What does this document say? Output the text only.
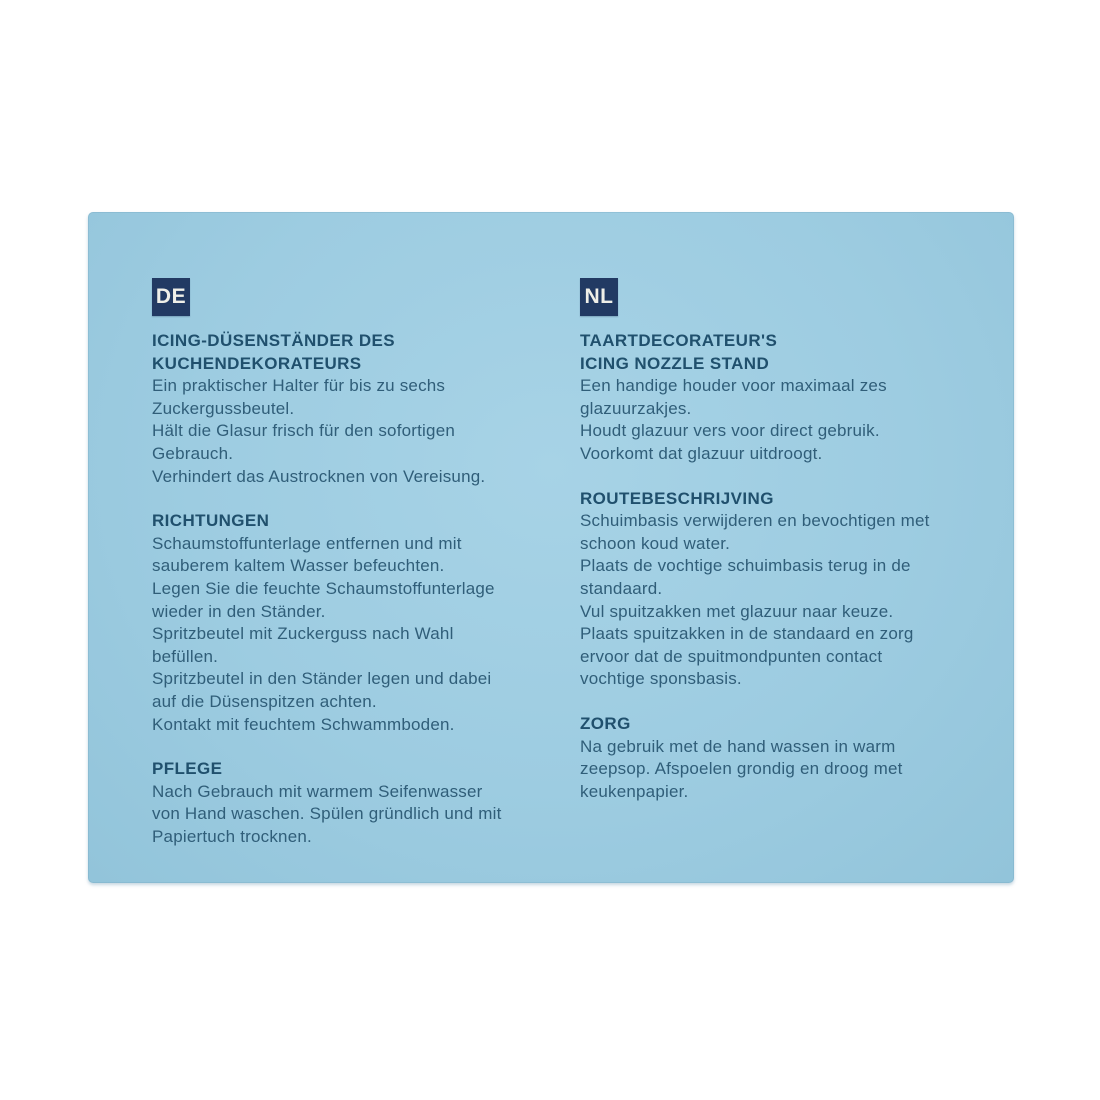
DE
ICING-DÜSENSTÄNDER DES
KUCHENDEKORATEURS
Ein praktischer Halter für bis zu sechs
Zuckergussbeutel.
Hält die Glasur frisch für den sofortigen
Gebrauch.
Verhindert das Austrocknen von Vereisung.
RICHTUNGEN
Schaumstoffunterlage entfernen und mit
sauberem kaltem Wasser befeuchten.
Legen Sie die feuchte Schaumstoffunterlage
wieder in den Ständer.
Spritzbeutel mit Zuckerguss nach Wahl
befüllen.
Spritzbeutel in den Ständer legen und dabei
auf die Düsenspitzen achten.
Kontakt mit feuchtem Schwammboden.
PFLEGE
Nach Gebrauch mit warmem Seifenwasser
von Hand waschen. Spülen gründlich und mit
Papiertuch trocknen.
NL
TAARTDECORATEUR'S
ICING NOZZLE STAND
Een handige houder voor maximaal zes
glazuurzakjes.
Houdt glazuur vers voor direct gebruik.
Voorkomt dat glazuur uitdroogt.
ROUTEBESCHRIJVING
Schuimbasis verwijderen en bevochtigen met
schoon koud water.
Plaats de vochtige schuimbasis terug in de
standaard.
Vul spuitzakken met glazuur naar keuze.
Plaats spuitzakken in de standaard en zorg
ervoor dat de spuitmondpunten contact
vochtige sponsbasis.
ZORG
Na gebruik met de hand wassen in warm
zeepsop. Afspoelen grondig en droog met
keukenpapier.
